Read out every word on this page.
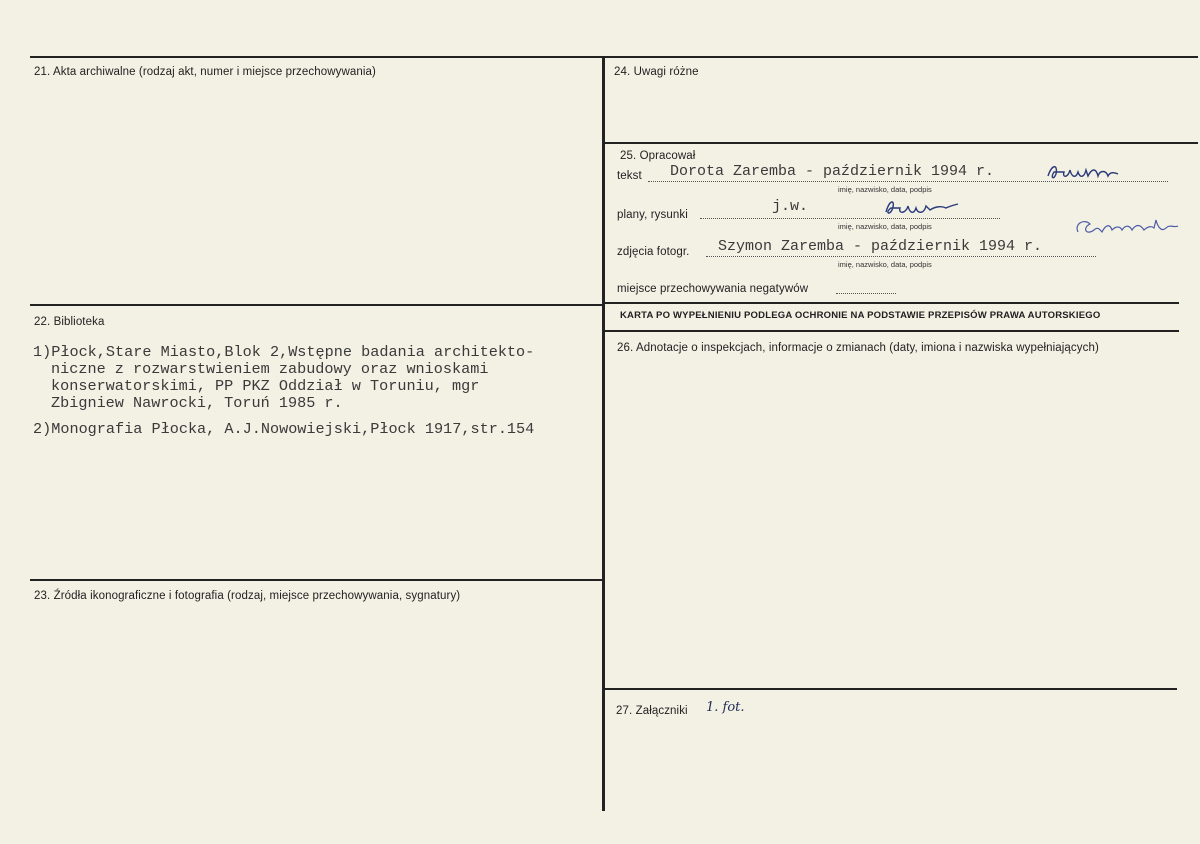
21. Akta archiwalne (rodzaj akt, numer i miejsce przechowywania)
22. Biblioteka
1)Płock,Stare Miasto,Blok 2,Wstępne badania architekto-
niczne z rozwarstwieniem zabudowy oraz wnioskami
konserwatorskimi, PP PKZ Oddział w Toruniu, mgr
Zbigniew Nawrocki, Toruń 1985 r.
2)Monografia Płocka, A.J.Nowowiejski,Płock 1917,str.154
23. Źródła ikonograficzne i fotografia (rodzaj, miejsce przechowywania, sygnatury)
24. Uwagi różne
25. Opracował
tekst Dorota Zaremba - październik 1994 r.
imię, nazwisko, data, podpis
plany, rysunki	j.w.
imię, nazwisko, data, podpis
zdjęcia fotogr. Szymon Zaremba - październik 1994 r.
imię, nazwisko, data, podpis
miejsce przechowywania negatywów
KARTA PO WYPEŁNIENIU PODLEGA OCHRONIE NA PODSTAWIE PRZEPISÓW PRAWA AUTORSKIEGO
26. Adnotacje o inspekcjach, informacje o zmianach (daty, imiona i nazwiska wypełniających)
27. Załączniki 1. fot.
